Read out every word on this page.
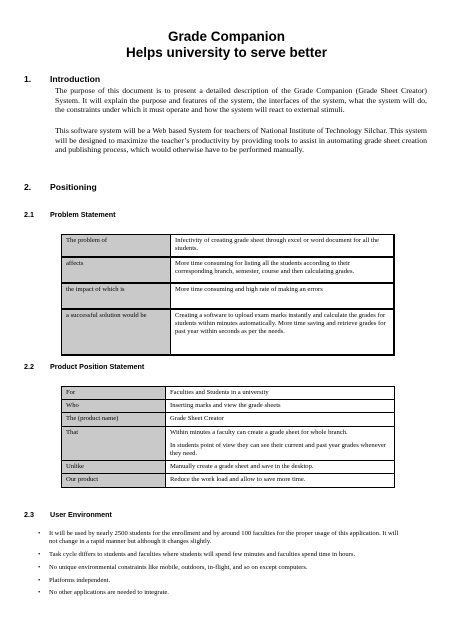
Grade Companion
Helps university to serve better
1. Introduction
The purpose of this document is to present a detailed description of the Grade Companion (Grade Sheet Creator) System. It will explain the purpose and features of the system, the interfaces of the system, what the system will do, the constraints under which it must operate and how the system will react to external stimuli.
This software system will be a Web based System for teachers of National Institute of Technology Silchar. This system will be designed to maximize the teacher’s productivity by providing tools to assist in automating grade sheet creation and publishing process, which would otherwise have to be performed manually.
2. Positioning
2.1 Problem Statement
The problem of	Infectivity of creating grade sheet through excel or word document for all the students.
affects	More time consuming for listing all the students according to their corresponding branch, semester, course and then calculating grades.
the impact of which is	More time consuming and high rate of making an errors
a successful solution would be	Creating a software to upload exam marks instantly and calculate the grades for students within minutes automatically. More time saving and retrieve grades for past year within seconds as per the needs.
2.2 Product Position Statement
For	Faculties and Students in a university
Who	Inserting marks and view the grade sheets
The (product name)	Grade Sheet Creator
That	Within minutes a faculty can create a grade sheet for whole branch.

In students point of view they can see their current and past year grades whenever they need.

Unlike	Manually create a grade sheet and save in the desktop.
Our product	Reduce the work load and allow to save more time.
2.3 User Environment
• It will be used by nearly 2500 students for the enrollment and by around 100 faculties for the proper usage of this application. It will not change in a rapid manner but although it changes slightly.
• Task cycle differs to students and faculties where students will spend few minutes and faculties spend time in hours.
• No unique environmental constraints like mobile, outdoors, in-flight, and so on except computers.
• Platforms independent.
• No other applications are needed to integrate.
